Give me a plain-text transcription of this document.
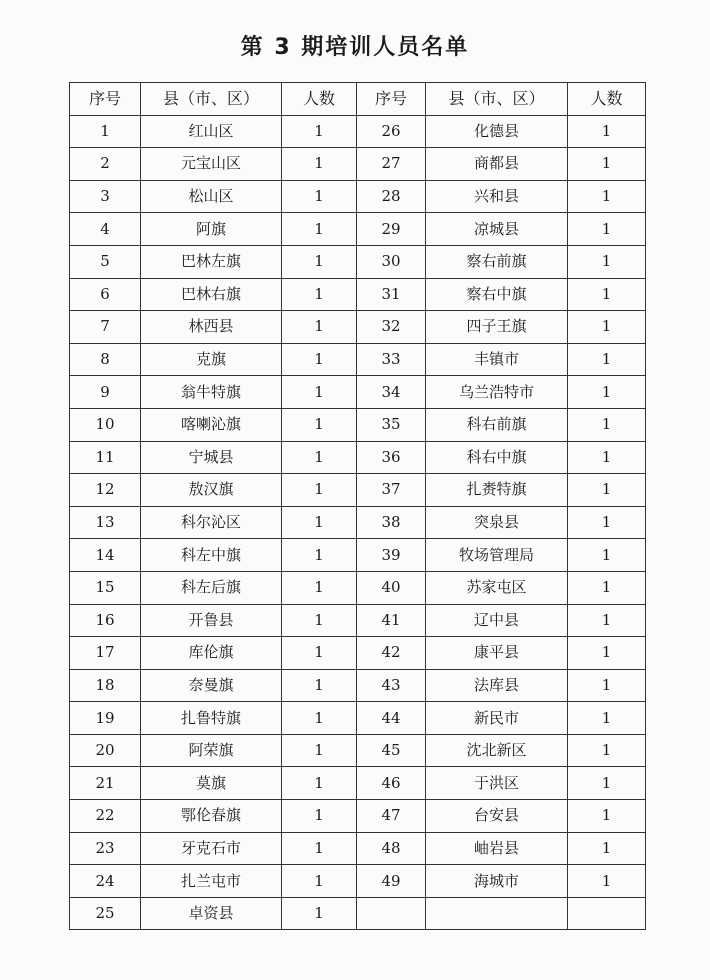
第 3 期培训人员名单
序号	县（市、区）	人数	序号	县（市、区）	人数
1	红山区	1	26	化德县	1
2	元宝山区	1	27	商都县	1
3	松山区	1	28	兴和县	1
4	阿旗	1	29	凉城县	1
5	巴林左旗	1	30	察右前旗	1
6	巴林右旗	1	31	察右中旗	1
7	林西县	1	32	四子王旗	1
8	克旗	1	33	丰镇市	1
9	翁牛特旗	1	34	乌兰浩特市	1
10	喀喇沁旗	1	35	科右前旗	1
11	宁城县	1	36	科右中旗	1
12	敖汉旗	1	37	扎赉特旗	1
13	科尔沁区	1	38	突泉县	1
14	科左中旗	1	39	牧场管理局	1
15	科左后旗	1	40	苏家屯区	1
16	开鲁县	1	41	辽中县	1
17	库伦旗	1	42	康平县	1
18	奈曼旗	1	43	法库县	1
19	扎鲁特旗	1	44	新民市	1
20	阿荣旗	1	45	沈北新区	1
21	莫旗	1	46	于洪区	1
22	鄂伦春旗	1	47	台安县	1
23	牙克石市	1	48	岫岩县	1
24	扎兰屯市	1	49	海城市	1
25	卓资县	1			
